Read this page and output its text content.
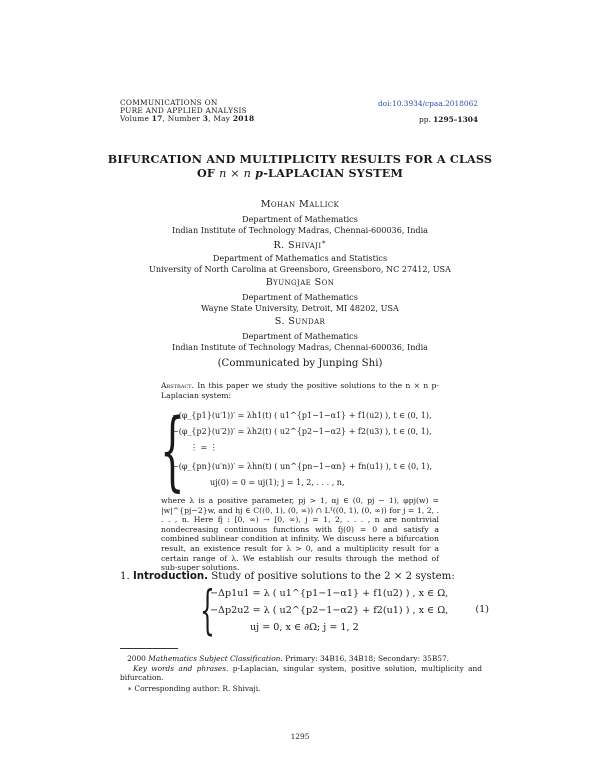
COMMUNICATIONS ON
PURE AND APPLIED ANALYSIS
Volume 17, Number 3, May 2018
doi:10.3934/cpaa.2018062
pp. 1295–1304
BIFURCATION AND MULTIPLICITY RESULTS FOR A CLASS
OF n × n p-LAPLACIAN SYSTEM
Mohan Mallick
Department of Mathematics
Indian Institute of Technology Madras, Chennai-600036, India
R. Shivaji∗
Department of Mathematics and Statistics
University of North Carolina at Greensboro, Greensboro, NC 27412, USA
Byungjae Son
Department of Mathematics
Wayne State University, Detroit, MI 48202, USA
S. Sundar
Department of Mathematics
Indian Institute of Technology Madras, Chennai-600036, India
(Communicated by Junping Shi)
Abstract. In this paper we study the positive solutions to the n × n p-Laplacian system:
{
−(φ_{p1}(u′1))′ = λh1(t) ( u1^{p1−1−α1} + f1(u2) ), t ∈ (0, 1),
−(φ_{p2}(u′2))′ = λh2(t) ( u2^{p2−1−α2} + f2(u3) ), t ∈ (0, 1),
⋮ = ⋮
−(φ_{pn}(u′n))′ = λhn(t) ( un^{pn−1−αn} + fn(u1) ), t ∈ (0, 1),
uj(0) = 0 = uj(1); j = 1, 2, . . . , n,
where λ is a positive parameter, pj > 1, αj ∈ (0, pj − 1), φpj(w) = |w|^{pj−2}w, and hj ∈ C((0, 1), (0, ∞)) ∩ L¹((0, 1), (0, ∞)) for j = 1, 2, . . . , n. Here fj : [0, ∞) → [0, ∞), j = 1, 2, . . . , n are nontrivial nondecreasing continuous functions with fj(0) = 0 and satisfy a combined sublinear condition at infinity. We discuss here a bifurcation result, an existence result for λ > 0, and a multiplicity result for a certain range of λ. We establish our results through the method of sub-super solutions.
1. Introduction. Study of positive solutions to the 2 × 2 system:
{
−Δp1u1 = λ ( u1^{p1−1−α1} + f1(u2) ) , x ∈ Ω,
−Δp2u2 = λ ( u2^{p2−1−α2} + f2(u1) ) , x ∈ Ω,
uj = 0, x ∈ ∂Ω; j = 1, 2
(1)
2000 Mathematics Subject Classification. Primary: 34B16, 34B18; Secondary: 35B57.
Key words and phrases. p-Laplacian, singular system, positive solution, multiplicity and bifurcation.
∗ Corresponding author: R. Shivaji.
1295
